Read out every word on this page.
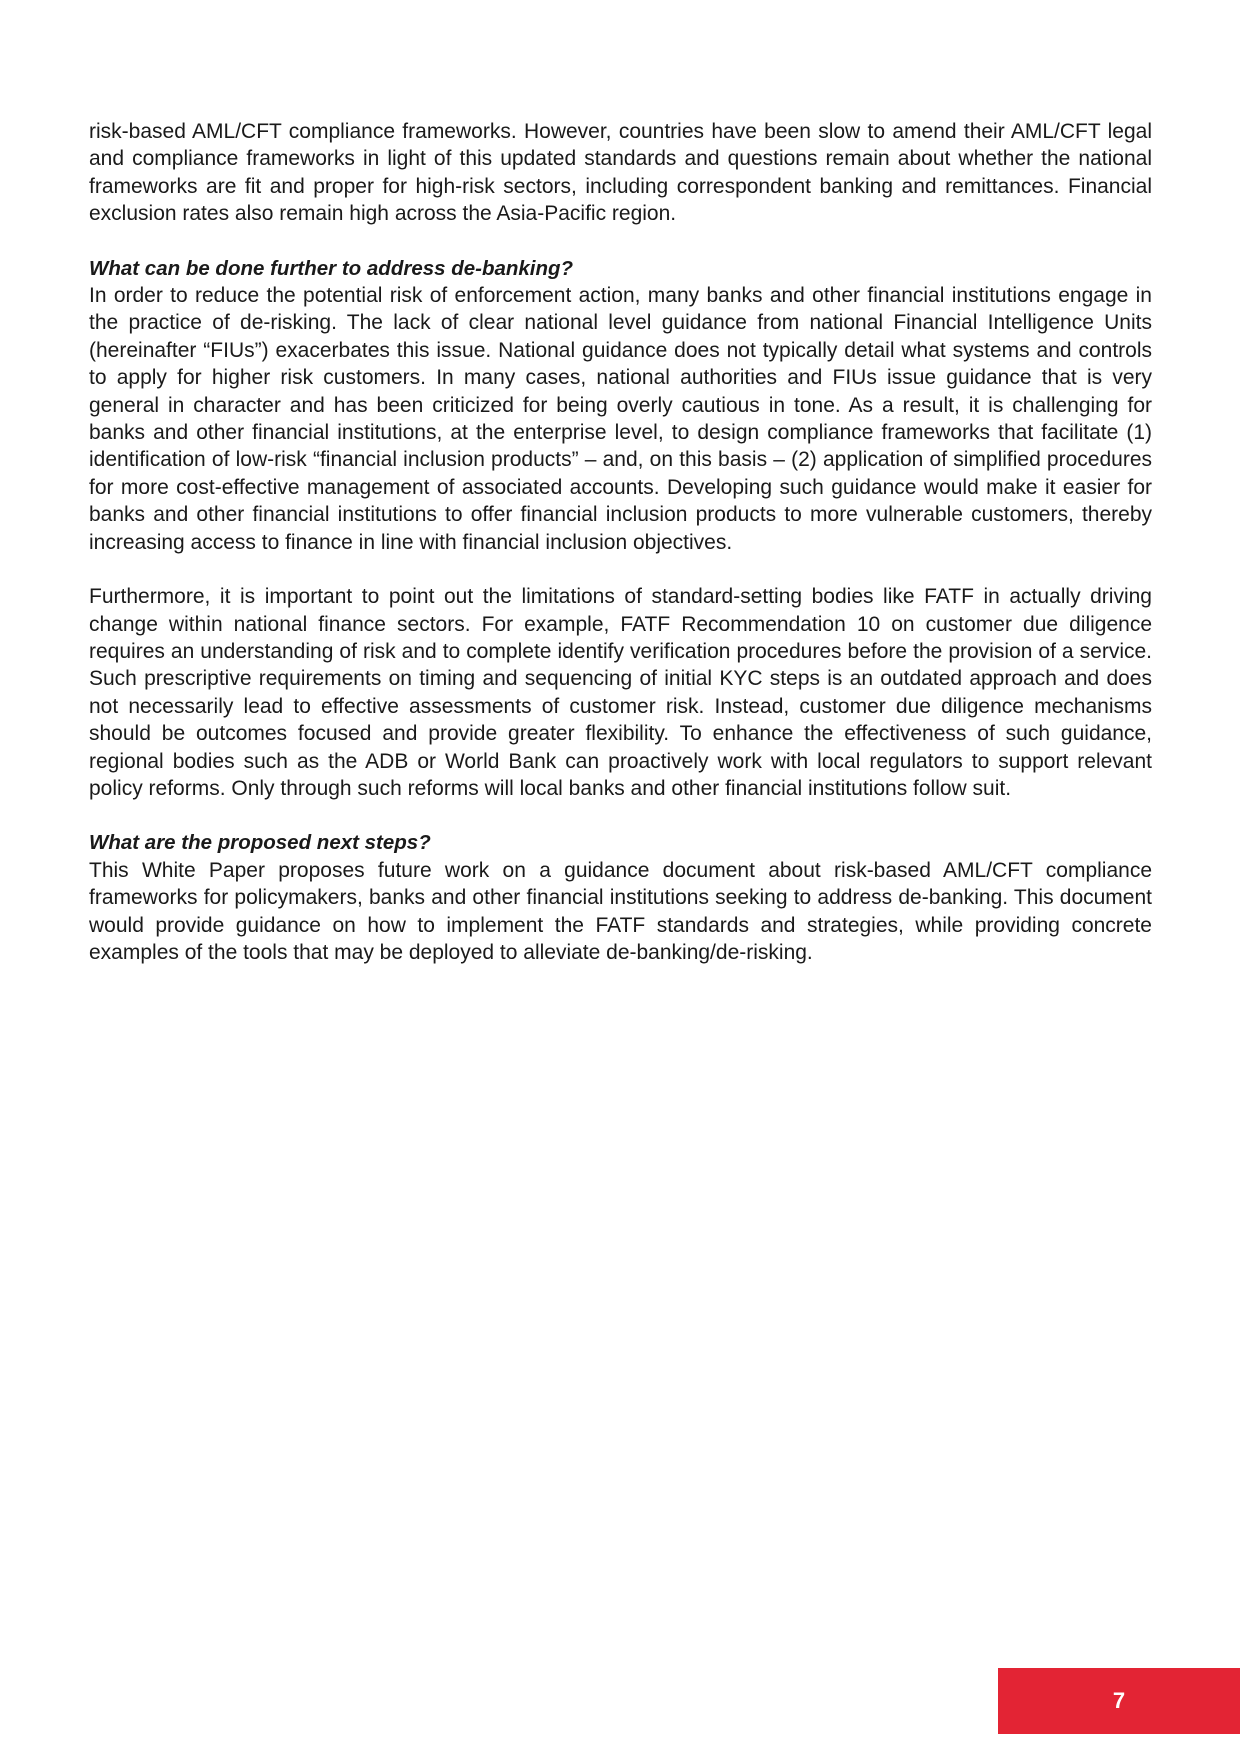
risk-based AML/CFT compliance frameworks. However, countries have been slow to amend their AML/CFT legal and compliance frameworks in light of this updated standards and questions remain about whether the national frameworks are fit and proper for high-risk sectors, including correspondent banking and remittances. Financial exclusion rates also remain high across the Asia-Pacific region.

What can be done further to address de-banking?

In order to reduce the potential risk of enforcement action, many banks and other financial institutions engage in the practice of de-risking. The lack of clear national level guidance from national Financial Intelligence Units (hereinafter “FIUs”) exacerbates this issue. National guidance does not typically detail what systems and controls to apply for higher risk customers. In many cases, national authorities and FIUs issue guidance that is very general in character and has been criticized for being overly cautious in tone. As a result, it is challenging for banks and other financial institutions, at the enterprise level, to design compliance frameworks that facilitate (1) identification of low-risk “financial inclusion products” – and, on this basis – (2) application of simplified procedures for more cost-effective management of associated accounts. Developing such guidance would make it easier for banks and other financial institutions to offer financial inclusion products to more vulnerable customers, thereby increasing access to finance in line with financial inclusion objectives.

Furthermore, it is important to point out the limitations of standard-setting bodies like FATF in actually driving change within national finance sectors. For example, FATF Recommendation 10 on customer due diligence requires an understanding of risk and to complete identify verification procedures before the provision of a service. Such prescriptive requirements on timing and sequencing of initial KYC steps is an outdated approach and does not necessarily lead to effective assessments of customer risk. Instead, customer due diligence mechanisms should be outcomes focused and provide greater flexibility. To enhance the effectiveness of such guidance, regional bodies such as the ADB or World Bank can proactively work with local regulators to support relevant policy reforms. Only through such reforms will local banks and other financial institutions follow suit.

What are the proposed next steps?

This White Paper proposes future work on a guidance document about risk-based AML/CFT compliance frameworks for policymakers, banks and other financial institutions seeking to address de-banking. This document would provide guidance on how to implement the FATF standards and strategies, while providing concrete examples of the tools that may be deployed to alleviate de-banking/de-risking.

7
